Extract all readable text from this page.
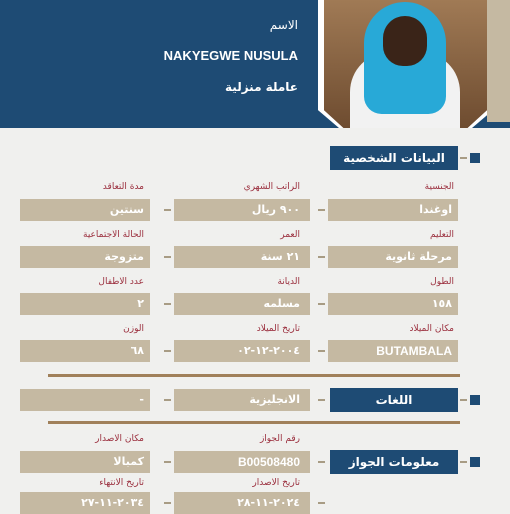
الاسم
NAKYEGWE NUSULA
عاملة منزلية
البيانات الشخصية
الجنسية
الراتب الشهري
مدة التعاقد
اوغندا
٩٠٠ ريال
سنتين
التعليم
العمر
الحالة الاجتماعية
مرحلة ثانوية
٢١ سنة
متزوجة
الطول
الديانة
عدد الاطفال
١٥٨
مسلمه
٢
مكان الميلاد
تاريخ الميلاد
الوزن
BUTAMBALA
٢٠٠٤-١٢-٠٢
٦٨
اللغات
الانجليزية
-
رقم الجواز
مكان الاصدار
معلومات الجواز
B00508480
كمبالا
تاريخ الاصدار
تاريخ الانتهاء
٢٠٢٤-١١-٢٨
٢٠٣٤-١١-٢٧
